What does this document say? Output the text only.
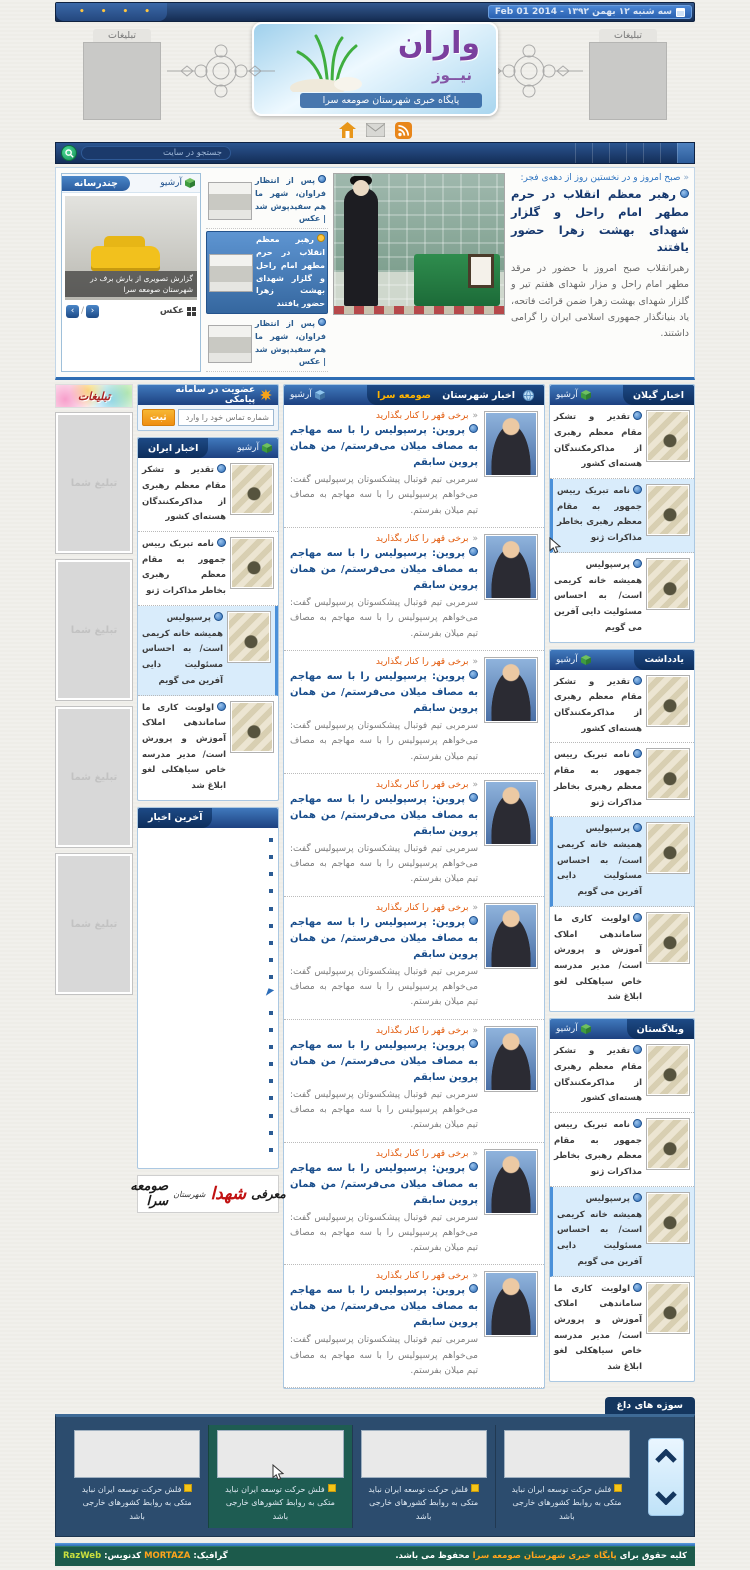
سه شنبه ۱۲ بهمن ۱۳۹۲ - Feb 01 2014
•
•
•
•
تبلیغات
واران
نیــوز
پایگاه خبری شهرستان صومعه سرا
تبلیغات
جستجو در سایت
« صبح امروز و در نخستین روز از دهه‌ی فجر:
رهبر معظم انقلاب در حرم مطهر امام راحل و گلزار شهدای بهشت زهرا حضور یافتند
رهبرانقلاب صبح امروز با حضور در مرقد مطهر امام راحل و مزار شهدای هفتم تیر و گلزار شهدای بهشت زهرا ضمن قرائت فاتحه، یاد بنیانگذار جمهوری اسلامی ایران را گرامی داشتند.
پس از انتظار فراوان، شهر ما هم سفیدپوش شد | عکس
رهبر معظم انقلاب در حرم مطهر امام راحل و گلزار شهدای بهشت زهرا حضور یافتند
پس از انتظار فراوان، شهر ما هم سفیدپوش شد | عکس
آرشیو
چندرسانه
گزارش تصویری از بارش برف در شهرستان صومعه سرا
عکس
‹
/
›
اخبار گیلان
آرشیو
تقدیر و تشکر مقام معظم رهبری از مذاکرمکنندگان هسته‌ای کشور
نامه تبریک رییس جمهور به مقام معظم رهبری بخاطر مذاکرات ژنو
پرسپولیس همیشه خانه کریمی است/ به احساس مسئولیت دایی آفرین می گویم
یادداشت
آرشیو
تقدیر و تشکر مقام معظم رهبری از مذاکرمکنندگان هسته‌ای کشور
نامه تبریک رییس جمهور به مقام معظم رهبری بخاطر مذاکرات ژنو
پرسپولیس همیشه خانه کریمی است/ به احساس مسئولیت دایی آفرین می گویم
اولویت کاری ما ساماندهی املاک آموزش و پرورش است/ مدیر مدرسه خاص سیاهکلی لغو ابلاغ شد
وبلاگستان
آرشیو
تقدیر و تشکر مقام معظم رهبری از مذاکرمکنندگان هسته‌ای کشور
نامه تبریک رییس جمهور به مقام معظم رهبری بخاطر مذاکرات ژنو
پرسپولیس همیشه خانه کریمی است/ به احساس مسئولیت دایی آفرین می گویم
اولویت کاری ما ساماندهی املاک آموزش و پرورش است/ مدیر مدرسه خاص سیاهکلی لغو ابلاغ شد
اخبار شهرستان

صومعه سرا
آرشیو
« برخی قهر را کنار بگذارید
پروین: پرسپولیس را با سه مهاجم به مصاف میلان می‌فرستم/ من همان پروین سابقم
سرمربی تیم فوتبال پیشکسوتان پرسپولیس گفت: می‌خواهم پرسپولیس را با سه مهاجم به مصاف تیم میلان بفرستم.
« برخی قهر را کنار بگذارید
پروین: پرسپولیس را با سه مهاجم به مصاف میلان می‌فرستم/ من همان پروین سابقم
سرمربی تیم فوتبال پیشکسوتان پرسپولیس گفت: می‌خواهم پرسپولیس را با سه مهاجم به مصاف تیم میلان بفرستم.
« برخی قهر را کنار بگذارید
پروین: پرسپولیس را با سه مهاجم به مصاف میلان می‌فرستم/ من همان پروین سابقم
سرمربی تیم فوتبال پیشکسوتان پرسپولیس گفت: می‌خواهم پرسپولیس را با سه مهاجم به مصاف تیم میلان بفرستم.
« برخی قهر را کنار بگذارید
پروین: پرسپولیس را با سه مهاجم به مصاف میلان می‌فرستم/ من همان پروین سابقم
سرمربی تیم فوتبال پیشکسوتان پرسپولیس گفت: می‌خواهم پرسپولیس را با سه مهاجم به مصاف تیم میلان بفرستم.
« برخی قهر را کنار بگذارید
پروین: پرسپولیس را با سه مهاجم به مصاف میلان می‌فرستم/ من همان پروین سابقم
سرمربی تیم فوتبال پیشکسوتان پرسپولیس گفت: می‌خواهم پرسپولیس را با سه مهاجم به مصاف تیم میلان بفرستم.
« برخی قهر را کنار بگذارید
پروین: پرسپولیس را با سه مهاجم به مصاف میلان می‌فرستم/ من همان پروین سابقم
سرمربی تیم فوتبال پیشکسوتان پرسپولیس گفت: می‌خواهم پرسپولیس را با سه مهاجم به مصاف تیم میلان بفرستم.
« برخی قهر را کنار بگذارید
پروین: پرسپولیس را با سه مهاجم به مصاف میلان می‌فرستم/ من همان پروین سابقم
سرمربی تیم فوتبال پیشکسوتان پرسپولیس گفت: می‌خواهم پرسپولیس را با سه مهاجم به مصاف تیم میلان بفرستم.
« برخی قهر را کنار بگذارید
پروین: پرسپولیس را با سه مهاجم به مصاف میلان می‌فرستم/ من همان پروین سابقم
سرمربی تیم فوتبال پیشکسوتان پرسپولیس گفت: می‌خواهم پرسپولیس را با سه مهاجم به مصاف تیم میلان بفرستم.
عضویت در سامانه پیامکی
شماره تماس خود را وارد نمایید
ثبت
اخبار ایران	آرشیو
تقدیر و تشکر مقام معظم رهبری از مذاکرمکنندگان هسته‌ای کشور
نامه تبریک رییس جمهور به مقام معظم رهبری بخاطر مذاکرات ژنو
پرسپولیس همیشه خانه کریمی است/ به احساس مسئولیت دایی آفرین می گویم
اولویت کاری ما ساماندهی املاک آموزش و پرورش است/ مدیر مدرسه خاص سیاهکلی لغو ابلاغ شد
آخرین اخبار
معرفی
شهدا
شهرستان
صومعه سرا
تبلیغات
تبلیغ شما
تبلیغ شما
تبلیغ شما
تبلیغ شما
سوژه های داغ
فلش حرکت توسعه ایران نباید متکی به روابط کشورهای خارجی باشد
فلش حرکت توسعه ایران نباید متکی به روابط کشورهای خارجی باشد
فلش حرکت توسعه ایران نباید متکی به روابط کشورهای خارجی باشد
فلش حرکت توسعه ایران نباید متکی به روابط کشورهای خارجی باشد
کلیه حقوق برای پایگاه خبری شهرستان صومعه سرا محفوظ می باشد.
گرافیک: MORTAZA کدنویس: RazWeb
